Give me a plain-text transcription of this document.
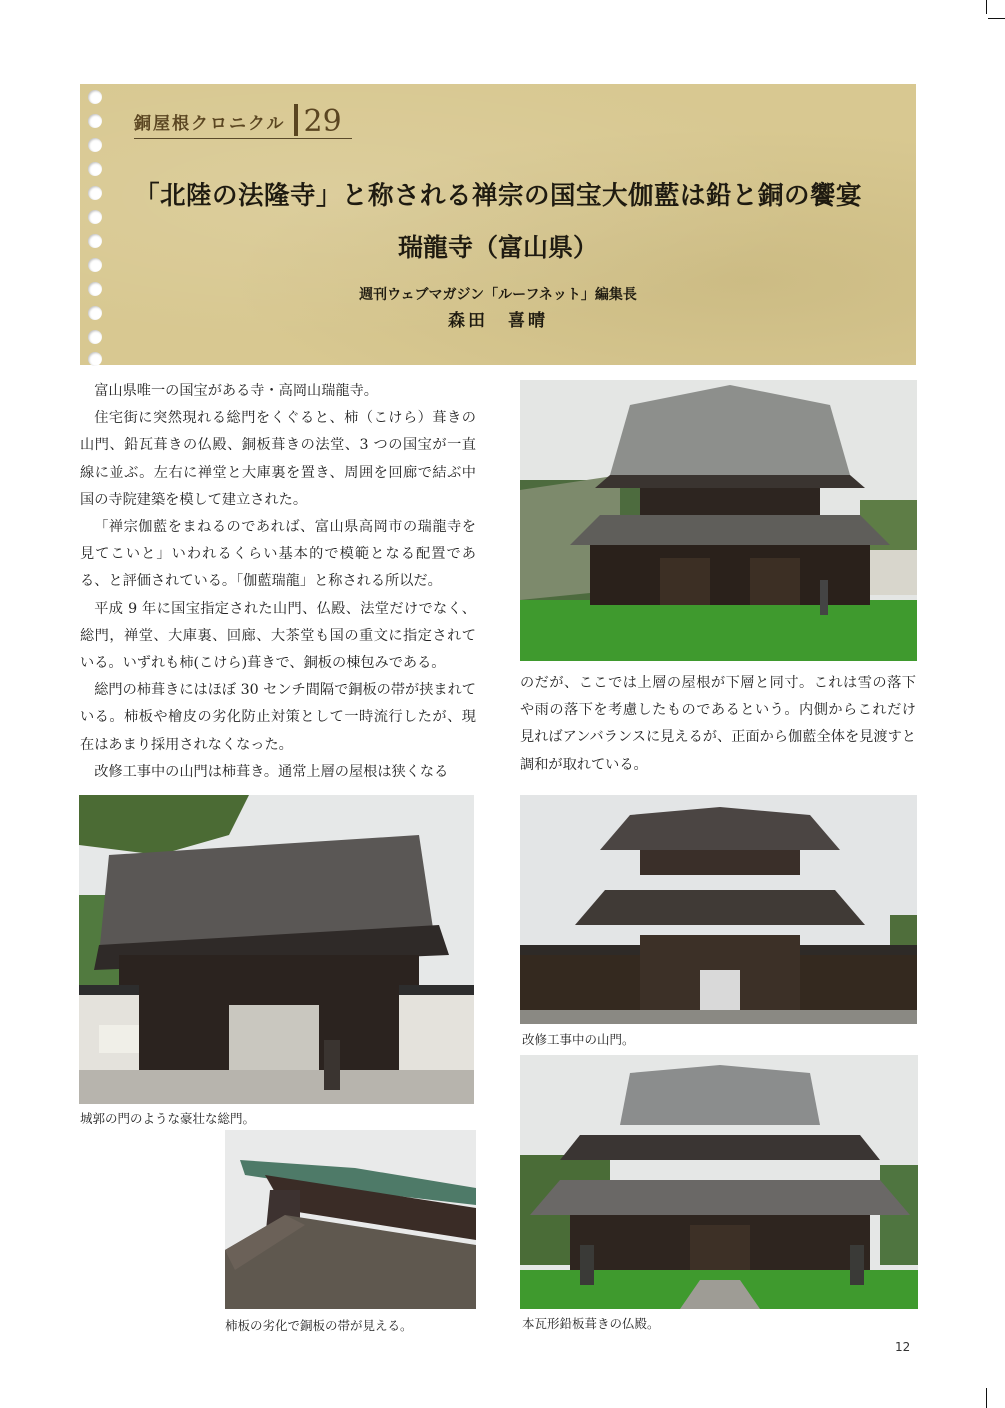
銅屋根クロニクル 29
「北陸の法隆寺」と称される禅宗の国宝大伽藍は鉛と銅の饗宴
瑞龍寺（富山県）
週刊ウェブマガジン「ルーフネット」編集長
森田　喜晴

富山県唯一の国宝がある寺・高岡山瑞龍寺。

住宅街に突然現れる総門をくぐると、柿（こけら）葺きの山門、鉛瓦葺きの仏殿、銅板葺きの法堂、3 つの国宝が一直線に並ぶ。左右に禅堂と大庫裏を置き、周囲を回廊で結ぶ中国の寺院建築を模して建立された。

「禅宗伽藍をまねるのであれば、富山県高岡市の瑞龍寺を見てこいと」いわれるくらい基本的で模範となる配置である、と評価されている。「伽藍瑞龍」と称される所以だ。

平成 9 年に国宝指定された山門、仏殿、法堂だけでなく、総門，禅堂、大庫裏、回廊、大茶堂も国の重文に指定されている。いずれも柿(こけら)葺きで、銅板の棟包みである。

総門の柿葺きにはほぼ 30 センチ間隔で銅板の帯が挟まれている。柿板や檜皮の劣化防止対策として一時流行したが、現在はあまり採用されなくなった。

改修工事中の山門は柿葺き。通常上層の屋根は狭くなる

のだが、ここでは上層の屋根が下層と同寸。これは雪の落下や雨の落下を考慮したものであるという。内側からこれだけ見ればアンバランスに見えるが、正面から伽藍全体を見渡すと調和が取れている。

城郭の門のような豪壮な総門。
改修工事中の山門。
柿板の劣化で銅板の帯が見える。	本瓦形鉛板葺きの仏殿。
12
